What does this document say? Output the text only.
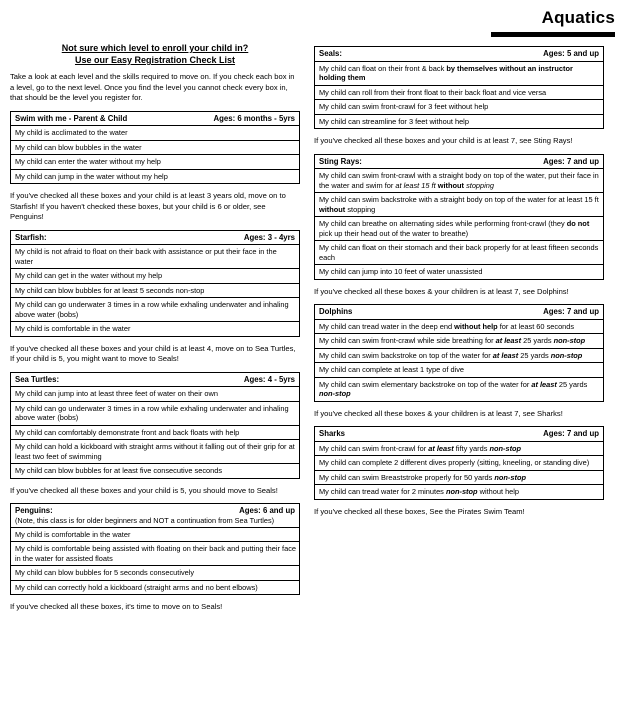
Aquatics
Not sure which level to enroll your child in?
Use our Easy Registration Check List

Take a look at each level and the skills required to move on. If you check each box in a level, go to the next level. Once you find the level you cannot check every box in, that should be the level you register for.

Swim with me - Parent & Child	Ages: 6 months - 5yrs

My child is acclimated to the water
My child can blow bubbles in the water
My child can enter the water without my help
My child can jump in the water without my help

If you've checked all these boxes and your child is at least 3 years old, move on to Starfish! If you haven't checked these boxes, but your child is 6 or older, see Penguins!

Starfish:	Ages: 3 - 4yrs

My child is not afraid to float on their back with assistance or put their face in the water
My child can get in the water without my help
My child can blow bubbles for at least 5 seconds non-stop
My child can go underwater 3 times in a row while exhaling underwater and inhaling above water (bobs)
My child is comfortable in the water

If you've checked all these boxes and your child is at least 4, move on to Sea Turtles, If your child is 5, you might want to move to Seals!

Sea Turtles:	Ages: 4 - 5yrs

My child can jump into at least three feet of water on their own
My child can go underwater 3 times in a row while exhaling underwater and inhaling above water (bobs)
My child can comfortably demonstrate front and back floats with help
My child can hold a kickboard with straight arms without it falling out of their grip for at least two feet of swimming
My child can blow bubbles for at least five consecutive seconds

If you've checked all these boxes and your child is 5, you should move to Seals!

Penguins:	Ages: 6 and up
(Note, this class is for older beginners and NOT a continuation from Sea Turtles)

My child is comfortable in the water
My child is comfortable being assisted with floating on their back and putting their face in the water for assisted floats
My child can blow bubbles for 5 seconds consecutively
My child can correctly hold a kickboard (straight arms and no bent elbows)

If you've checked all these boxes, it's time to move on to Seals!

Seals:	Ages: 5 and up

My child can float on their front & back by themselves without an instructor holding them
My child can roll from their front float to their back float and vice versa
My child can swim front-crawl for 3 feet without help
My child can streamline for 3 feet without help

If you've checked all these boxes and your child is at least 7, see Sting Rays!

Sting Rays:	Ages: 7 and up

My child can swim front-crawl with a straight body on top of the water, put their face in the water and swim for at least 15 ft without stopping
My child can swim backstroke with a straight body on top of the water for at least 15 ft without stopping
My child can breathe on alternating sides while performing front-crawl (they do not pick up their head out of the water to breathe)
My child can float on their stomach and their back properly for at least fifteen seconds each
My child can jump into 10 feet of water unassisted

If you've checked all these boxes & your children is at least 7, see Dolphins!

Dolphins	Ages: 7 and up

My child can tread water in the deep end without help for at least 60 seconds
My child can swim front-crawl while side breathing for at least 25 yards non-stop
My child can swim backstroke on top of the water for at least 25 yards non-stop
My child can complete at least 1 type of dive
My child can swim elementary backstroke on top of the water for at least 25 yards non-stop

If you've checked all these boxes & your children is at least 7, see Sharks!

Sharks	Ages: 7 and up

My child can swim front-crawl for at least fifty yards non-stop
My child can complete 2 different dives properly (sitting, kneeling, or standing dive)
My child can swim Breaststroke properly for 50 yards non-stop
My child can tread water for 2 minutes non-stop without help

If you've checked all these boxes, See the Pirates Swim Team!
